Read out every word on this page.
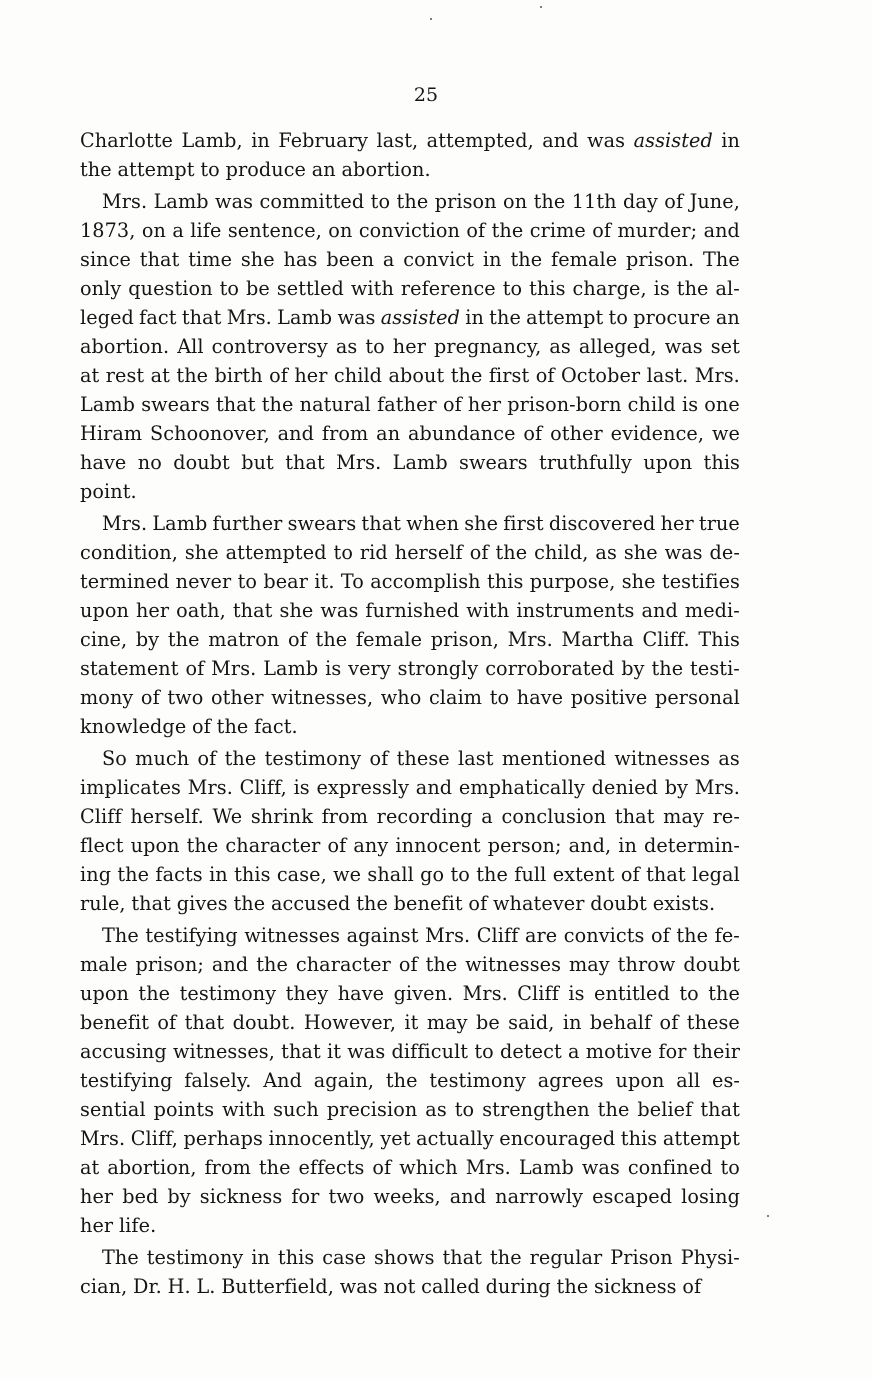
25
Charlotte Lamb, in February last, attempted, and was assisted in
the attempt to produce an abortion.
Mrs. Lamb was committed to the prison on the 11th day of June,
1873, on a life sentence, on conviction of the crime of murder; and
since that time she has been a convict in the female prison. The
only question to be settled with reference to this charge, is the al-
leged fact that Mrs. Lamb was assisted in the attempt to procure an
abortion. All controversy as to her pregnancy, as alleged, was set
at rest at the birth of her child about the first of October last. Mrs.
Lamb swears that the natural father of her prison-born child is one
Hiram Schoonover, and from an abundance of other evidence, we
have no doubt but that Mrs. Lamb swears truthfully upon this
point.
Mrs. Lamb further swears that when she first discovered her true
condition, she attempted to rid herself of the child, as she was de-
termined never to bear it. To accomplish this purpose, she testifies
upon her oath, that she was furnished with instruments and medi-
cine, by the matron of the female prison, Mrs. Martha Cliff. This
statement of Mrs. Lamb is very strongly corroborated by the testi-
mony of two other witnesses, who claim to have positive personal
knowledge of the fact.
So much of the testimony of these last mentioned witnesses as
implicates Mrs. Cliff, is expressly and emphatically denied by Mrs.
Cliff herself. We shrink from recording a conclusion that may re-
flect upon the character of any innocent person; and, in determin-
ing the facts in this case, we shall go to the full extent of that legal
rule, that gives the accused the benefit of whatever doubt exists.
The testifying witnesses against Mrs. Cliff are convicts of the fe-
male prison; and the character of the witnesses may throw doubt
upon the testimony they have given. Mrs. Cliff is entitled to the
benefit of that doubt. However, it may be said, in behalf of these
accusing witnesses, that it was difficult to detect a motive for their
testifying falsely. And again, the testimony agrees upon all es-
sential points with such precision as to strengthen the belief that
Mrs. Cliff, perhaps innocently, yet actually encouraged this attempt
at abortion, from the effects of which Mrs. Lamb was confined to
her bed by sickness for two weeks, and narrowly escaped losing
her life.
The testimony in this case shows that the regular Prison Physi-
cian, Dr. H. L. Butterfield, was not called during the sickness of
